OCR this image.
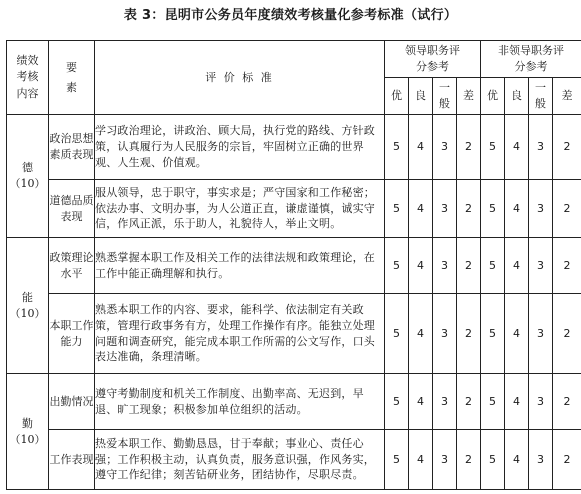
表 3：昆明市公务员年度绩效考核量化参考标准（试行）
绩效考核内容	要素	评 价 标 准	领导职务评分参考				非领导职务评分参考			

			优	良	一般	差	优	良	一般	差

德
（10）	政治思想素质表现	学习政治理论，讲政治、顾大局，执行党的路线、方针政策，认真履行为人民服务的宗旨，牢固树立正确的世界观、人生观、价值观。	5	4	3	2	5	4	3	2
	道德品质表现	服从领导，忠于职守，事实求是；严守国家和工作秘密；依法办事、文明办事，为人公道正直，谦虚谨慎，诚实守信，作风正派，乐于助人，礼貌待人，举止文明。	5	4	3	2	5	4	3	2

能
（10）	政策理论水平	熟悉掌握本职工作及相关工作的法律法规和政策理论，在工作中能正确理解和执行。	5	4	3	2	5	4	3	2
	本职工作能力	熟悉本职工作的内容、要求，能科学、依法制定有关政策，管理行政事务有方，处理工作操作有序。能独立处理问题和调查研究，能完成本职工作所需的公文写作，口头表达准确，条理清晰。	5	4	3	2	5	4	3	2

勤
（10）	出勤情况	遵守考勤制度和机关工作制度、出勤率高、无迟到，早退、旷工现象；积极参加单位组织的活动。	5	4	3	2	5	4	3	2
	工作表现	热爱本职工作、勤勤恳恳，甘于奉献；事业心、责任心强；工作积极主动，认真负责，服务意识强，作风务实，遵守工作纪律；刻苦钻研业务，团结协作，尽职尽责。	5	4	3	2	5	4	3	2
